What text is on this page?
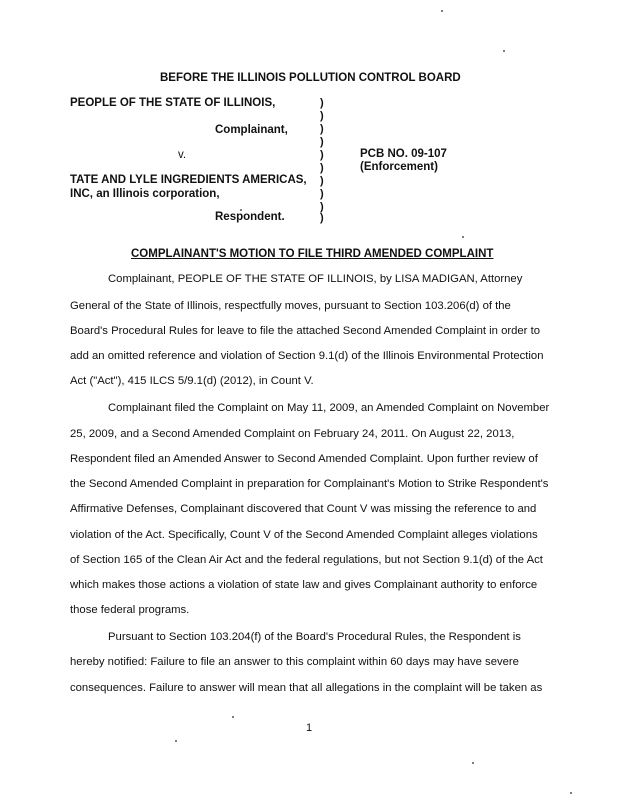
BEFORE THE ILLINOIS POLLUTION CONTROL BOARD
PEOPLE OF THE STATE OF ILLINOIS,
Complainant,
v.
TATE AND LYLE INGREDIENTS AMERICAS,
INC, an Illinois corporation,
Respondent.
PCB NO. 09-107
(Enforcement)
)
)
)
)
)
)
)
)
)
)
COMPLAINANT'S MOTION TO FILE THIRD AMENDED COMPLAINT
Complainant, PEOPLE OF THE STATE OF ILLINOIS, by LISA MADIGAN, Attorney
General of the State of Illinois, respectfully moves, pursuant to Section 103.206(d) of the
Board's Procedural Rules for leave to file the attached Second Amended Complaint in order to
add an omitted reference and violation of Section 9.1(d) of the Illinois Environmental Protection
Act ("Act"), 415 ILCS 5/9.1(d) (2012), in Count V.
Complainant filed the Complaint on May 11, 2009, an Amended Complaint on November
25, 2009, and a Second Amended Complaint on February 24, 2011. On August 22, 2013,
Respondent filed an Amended Answer to Second Amended Complaint. Upon further review of
the Second Amended Complaint in preparation for Complainant's Motion to Strike Respondent's
Affirmative Defenses, Complainant discovered that Count V was missing the reference to and
violation of the Act. Specifically, Count V of the Second Amended Complaint alleges violations
of Section 165 of the Clean Air Act and the federal regulations, but not Section 9.1(d) of the Act
which makes those actions a violation of state law and gives Complainant authority to enforce
those federal programs.
Pursuant to Section 103.204(f) of the Board's Procedural Rules, the Respondent is
hereby notified: Failure to file an answer to this complaint within 60 days may have severe
consequences. Failure to answer will mean that all allegations in the complaint will be taken as
1
